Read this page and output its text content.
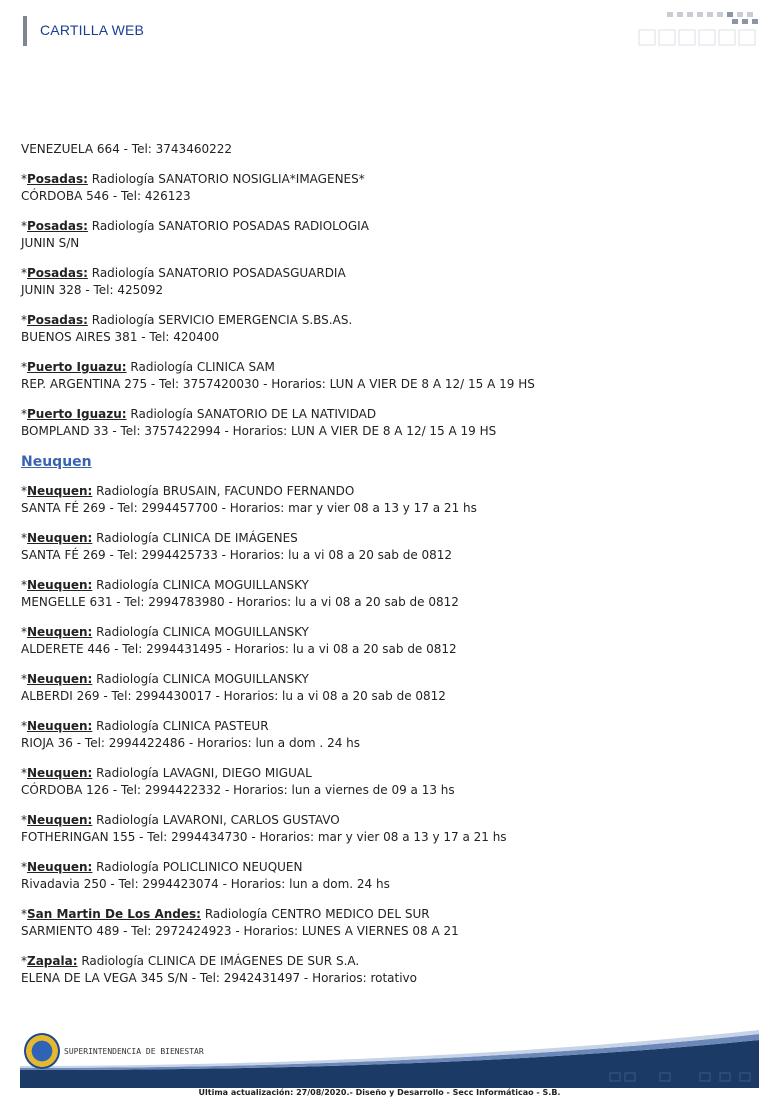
CARTILLA WEB
VENEZUELA 664 - Tel: 3743460222
*Posadas: Radiología SANATORIO NOSIGLIA*IMAGENES*
CÓRDOBA 546 - Tel: 426123
*Posadas: Radiología SANATORIO POSADAS RADIOLOGIA
JUNIN S/N
*Posadas: Radiología SANATORIO POSADASGUARDIA
JUNIN 328 - Tel: 425092
*Posadas: Radiología SERVICIO EMERGENCIA S.BS.AS.
BUENOS AIRES 381 - Tel: 420400
*Puerto Iguazu: Radiología CLINICA SAM
REP. ARGENTINA 275 - Tel: 3757420030 - Horarios: LUN A VIER DE 8 A 12/ 15 A 19 HS
*Puerto Iguazu: Radiología SANATORIO DE LA NATIVIDAD
BOMPLAND 33 - Tel: 3757422994 - Horarios: LUN A VIER DE 8 A 12/ 15 A 19 HS
Neuquen
*Neuquen: Radiología BRUSAIN, FACUNDO FERNANDO
SANTA FÉ 269 - Tel: 2994457700 - Horarios: mar y vier 08 a 13 y 17 a 21 hs
*Neuquen: Radiología CLINICA DE IMÁGENES
SANTA FÉ 269 - Tel: 2994425733 - Horarios: lu a vi 08 a 20 sab de 0812
*Neuquen: Radiología CLINICA MOGUILLANSKY
MENGELLE 631 - Tel: 2994783980 - Horarios: lu a vi 08 a 20 sab de 0812
*Neuquen: Radiología CLINICA MOGUILLANSKY
ALDERETE 446 - Tel: 2994431495 - Horarios: lu a vi 08 a 20 sab de 0812
*Neuquen: Radiología CLINICA MOGUILLANSKY
ALBERDI 269 - Tel: 2994430017 - Horarios: lu a vi 08 a 20 sab de 0812
*Neuquen: Radiología CLINICA PASTEUR
RIOJA 36 - Tel: 2994422486 - Horarios: lun a dom . 24 hs
*Neuquen: Radiología LAVAGNI, DIEGO MIGUAL
CÓRDOBA 126 - Tel: 2994422332 - Horarios: lun a viernes de 09 a 13 hs
*Neuquen: Radiología LAVARONI, CARLOS GUSTAVO
FOTHERINGAN 155 - Tel: 2994434730 - Horarios: mar y vier 08 a 13 y 17 a 21 hs
*Neuquen: Radiología POLICLINICO NEUQUEN
Rivadavia 250 - Tel: 2994423074 - Horarios: lun a dom. 24 hs
*San Martin De Los Andes: Radiología CENTRO MEDICO DEL SUR
SARMIENTO 489 - Tel: 2972424923 - Horarios: LUNES A VIERNES 08 A 21
*Zapala: Radiología CLINICA DE IMÁGENES DE SUR S.A.
ELENA DE LA VEGA 345 S/N - Tel: 2942431497 - Horarios: rotativo
SUPERINTENDENCIA DE BIENESTAR
Ultima actualización: 27/08/2020.- Diseño y Desarrollo - Secc Informáticao - S.B.
